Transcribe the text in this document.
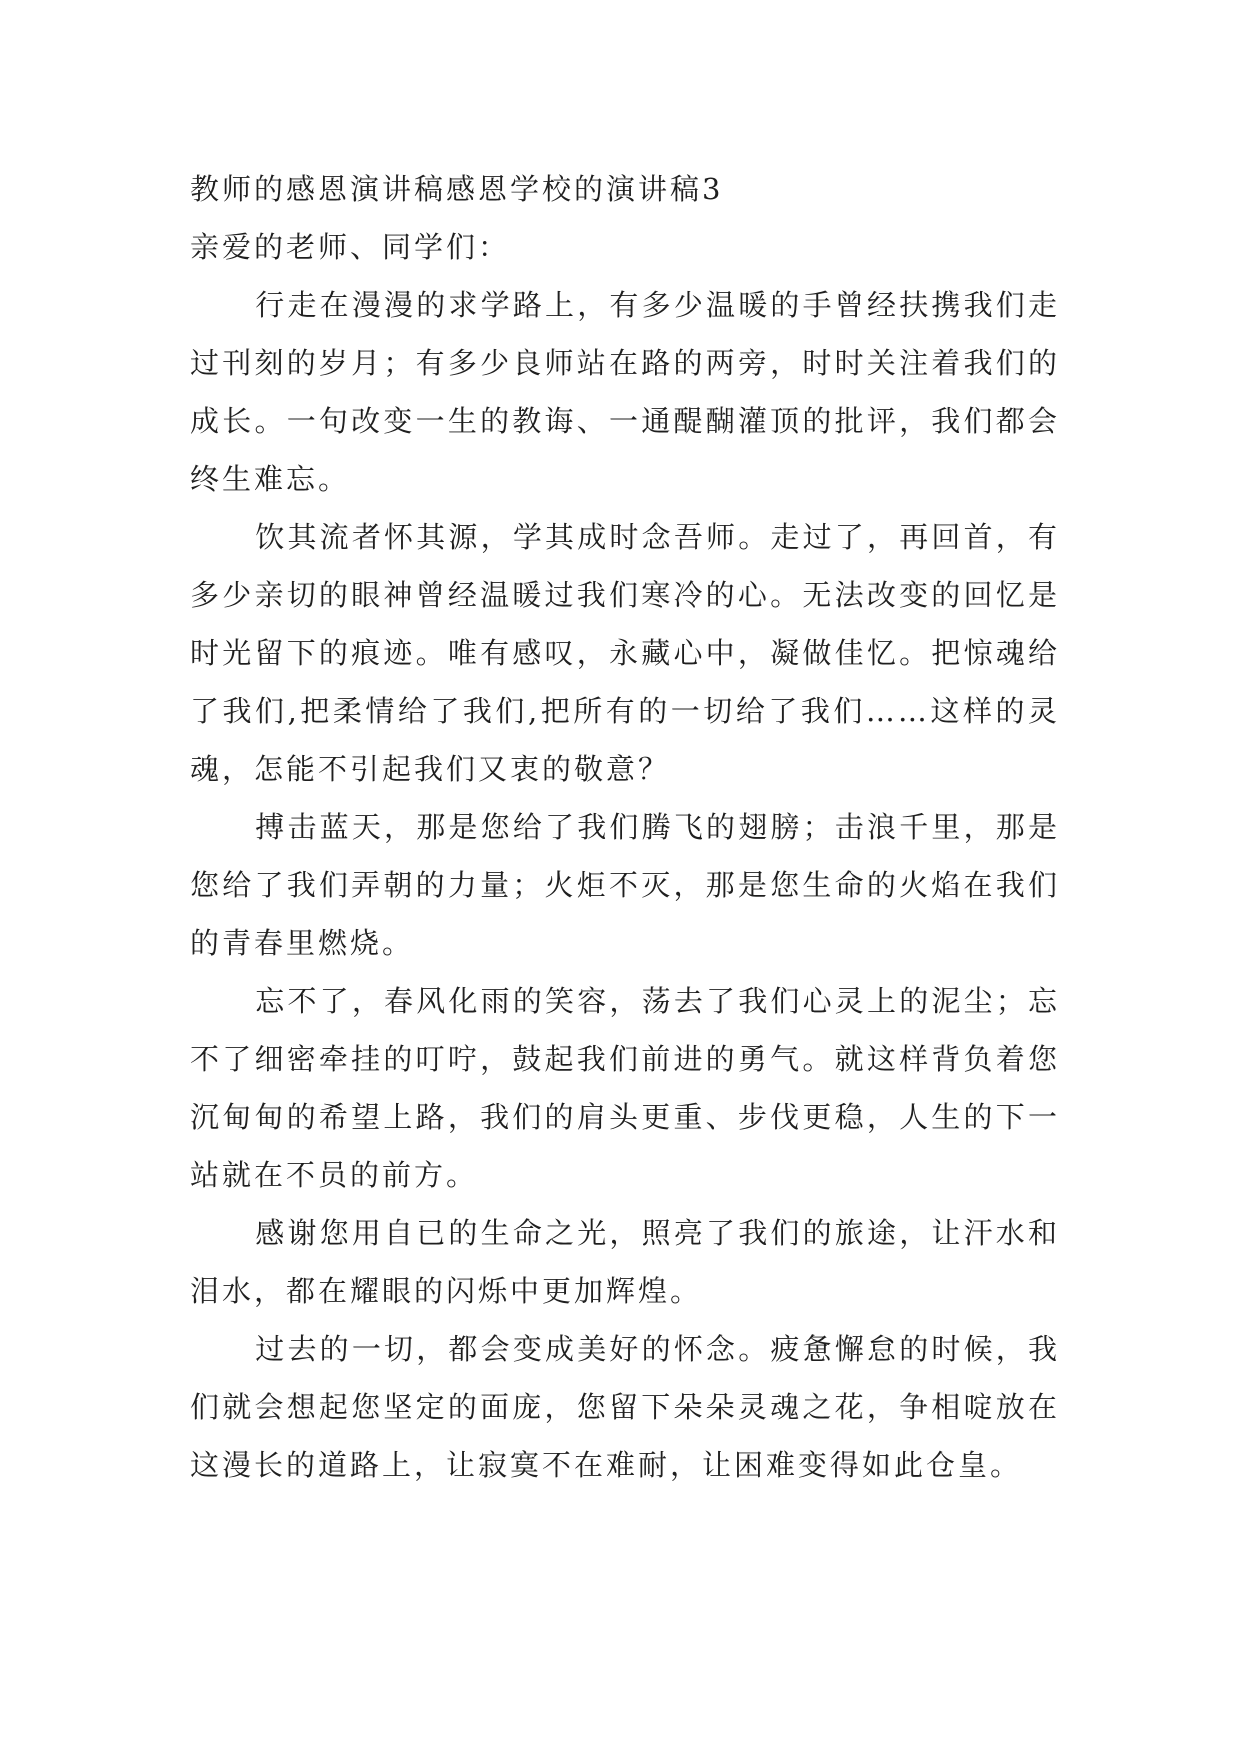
教师的感恩演讲稿感恩学校的演讲稿3

亲爱的老师、同学们：

行走在漫漫的求学路上，有多少温暖的手曾经扶携我们走过刊刻的岁月；有多少良师站在路的两旁，时时关注着我们的成长。一句改变一生的教诲、一通醍醐灌顶的批评，我们都会终生难忘。

饮其流者怀其源，学其成时念吾师。走过了，再回首，有多少亲切的眼神曾经温暖过我们寒冷的心。无法改变的回忆是时光留下的痕迹。唯有感叹，永藏心中，凝做佳忆。把惊魂给了我们,把柔情给了我们,把所有的一切给了我们……这样的灵魂，怎能不引起我们又衷的敬意？

搏击蓝天，那是您给了我们腾飞的翅膀；击浪千里，那是您给了我们弄朝的力量；火炬不灭，那是您生命的火焰在我们的青春里燃烧。

忘不了，春风化雨的笑容，荡去了我们心灵上的泥尘；忘不了细密牵挂的叮咛，鼓起我们前进的勇气。就这样背负着您沉甸甸的希望上路，我们的肩头更重、步伐更稳，人生的下一站就在不员的前方。

感谢您用自已的生命之光，照亮了我们的旅途，让汗水和泪水，都在耀眼的闪烁中更加辉煌。

过去的一切，都会变成美好的怀念。疲惫懈怠的时候，我们就会想起您坚定的面庞，您留下朵朵灵魂之花，争相啶放在这漫长的道路上，让寂寞不在难耐，让困难变得如此仓皇。
